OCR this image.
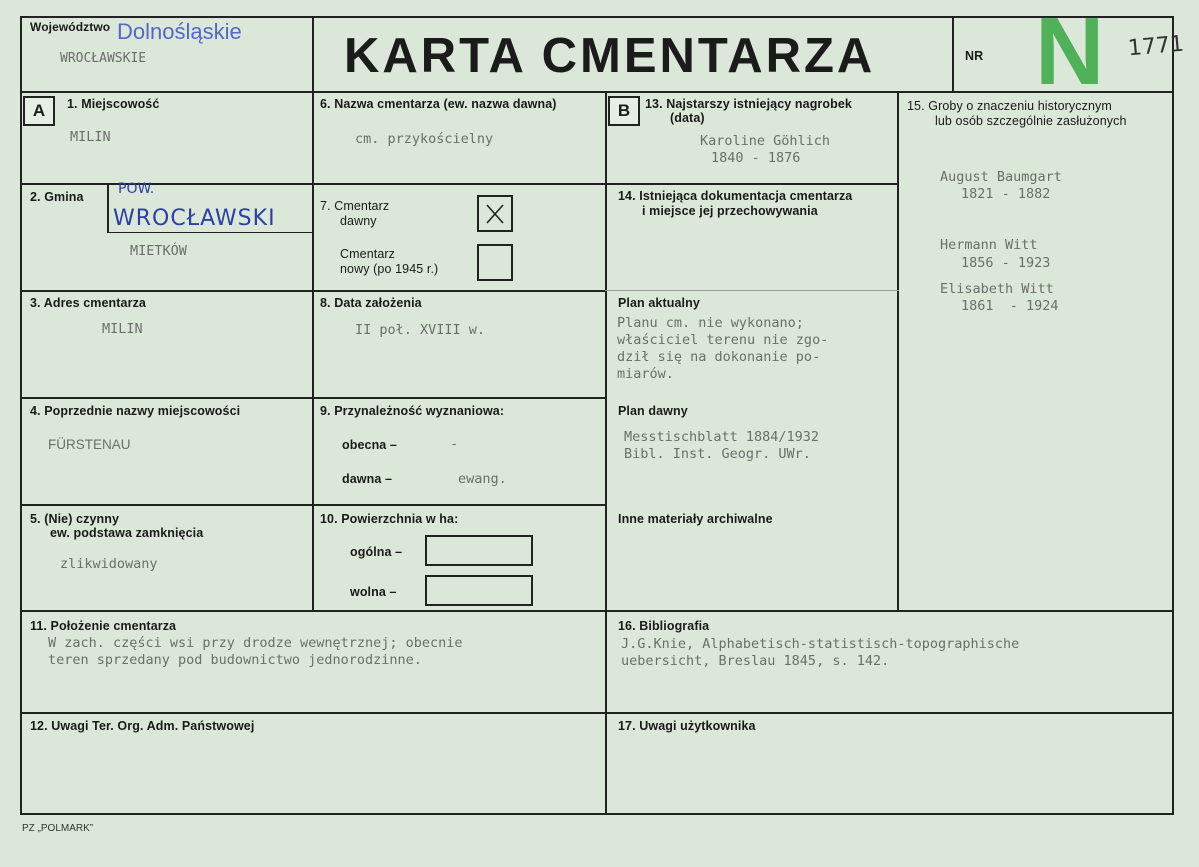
Województwo Dolnośląskie
WROCŁAWSKIE	KARTA CMENTARZA	NR N 1771
A	1. Miejscowość
MILIN
6. Nazwa cmentarza (ew. nazwa dawna)
cm. przykościelny
2. Gmina POW.
WROCŁAWSKI
MIETKÓW
7. Cmentarz
dawny
Cmentarz
nowy (po 1945 r.)
3. Adres cmentarza
MILIN
8. Data założenia
II poł. XVIII w.
4. Poprzednie nazwy miejscowości
FÜRSTENAU
9. Przynależność wyznaniowa:
obecna –	-
dawna –	ewang.
5. (Nie) czynny
ew. podstawa zamknięcia
zlikwidowany
10. Powierzchnia w ha:
ogólna –
wolna –
B	13. Najstarszy istniejący nagrobek
(data)
Karoline Göhlich
1840 - 1876
14. Istniejąca dokumentacja cmentarza
i miejsce jej przechowywania
Plan aktualny
Planu cm. nie wykonano;
właściciel terenu nie zgo-
dził się na dokonanie po-
miarów.
Plan dawny
Messtischblatt 1884/1932
Bibl. Inst. Geogr. UWr.
Inne materiały archiwalne
15. Groby o znaczeniu historycznym
lub osób szczególnie zasłużonych
August Baumgart
1821 - 1882
Hermann Witt
1856 - 1923
Elisabeth Witt
1861  - 1924
11. Położenie cmentarza
W zach. części wsi przy drodze wewnętrznej; obecnie
teren sprzedany pod budownictwo jednorodzinne.
16. Bibliografia
J.G.Knie, Alphabetisch-statistisch-topographische
uebersicht, Breslau 1845, s. 142.
12. Uwagi Ter. Org. Adm. Państwowej	17. Uwagi użytkownika
PZ „POLMARK”
